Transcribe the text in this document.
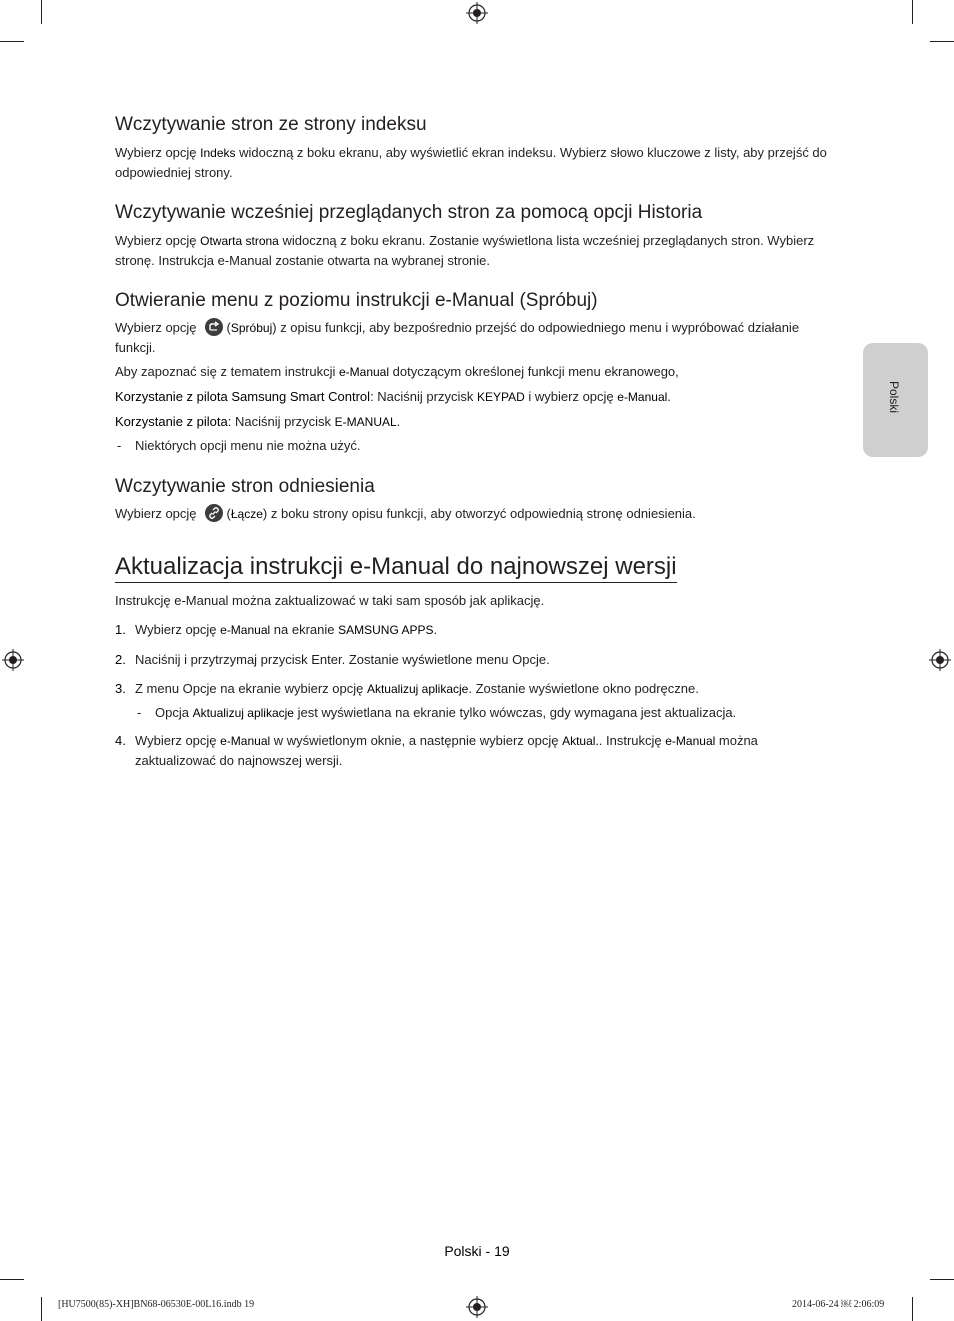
Wczytywanie stron ze strony indeksu

Wybierz opcję Indeks widoczną z boku ekranu, aby wyświetlić ekran indeksu. Wybierz słowo kluczowe z listy, aby przejść do odpowiedniej strony.

Wczytywanie wcześniej przeglądanych stron za pomocą opcji Historia

Wybierz opcję Otwarta strona widoczną z boku ekranu. Zostanie wyświetlona lista wcześniej przeglądanych stron. Wybierz stronę. Instrukcja e-Manual zostanie otwarta na wybranej stronie.

Otwieranie menu z poziomu instrukcji e-Manual (Spróbuj)

Wybierz opcję (Spróbuj) z opisu funkcji, aby bezpośrednio przejść do odpowiedniego menu i wypróbować działanie funkcji.

Aby zapoznać się z tematem instrukcji e-Manual dotyczącym określonej funkcji menu ekranowego,

Korzystanie z pilota Samsung Smart Control: Naciśnij przycisk KEYPAD i wybierz opcję e-Manual.

Korzystanie z pilota: Naciśnij przycisk E-MANUAL.

- Niektórych opcji menu nie można użyć.

Wczytywanie stron odniesienia

Wybierz opcję (Łącze) z boku strony opisu funkcji, aby otworzyć odpowiednią stronę odniesienia.

Aktualizacja instrukcji e-Manual do najnowszej wersji

Instrukcję e-Manual można zaktualizować w taki sam sposób jak aplikację.

1. Wybierz opcję e-Manual na ekranie SAMSUNG APPS.

2. Naciśnij i przytrzymaj przycisk Enter. Zostanie wyświetlone menu Opcje.

3. Z menu Opcje na ekranie wybierz opcję Aktualizuj aplikacje. Zostanie wyświetlone okno podręczne.

- Opcja Aktualizuj aplikacje jest wyświetlana na ekranie tylko wówczas, gdy wymagana jest aktualizacja.

4. Wybierz opcję e-Manual w wyświetlonym oknie, a następnie wybierz opcję Aktual.. Instrukcję e-Manual można zaktualizować do najnowszej wersji.

Polski
Polski - 19
[HU7500(85)-XH]BN68-06530E-00L16.indb 19	2014-06-24 ￼ 2:06:09
